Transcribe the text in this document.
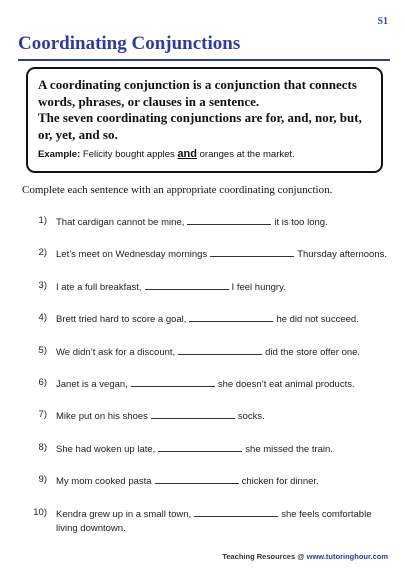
S1
Coordinating Conjunctions
A coordinating conjunction is a conjunction that connects words, phrases, or clauses in a sentence.
The seven coordinating conjunctions are for, and, nor, but, or, yet, and so.
Example: Felicity bought apples and oranges at the market.
Complete each sentence with an appropriate coordinating conjunction.
1) That cardigan cannot be mine,	it is too long.
2) Let’s meet on Wednesday mornings	Thursday afternoons.
3) I ate a full breakfast,	I feel hungry.
4) Brett tried hard to score a goal,	he did not succeed.
5) We didn’t ask for a discount,	did the store offer one.
6) Janet is a vegan,	she doesn’t eat animal products.
7) Mike put on his shoes	socks.
8) She had woken up late,	she missed the train.
9) My mom cooked pasta	chicken for dinner.
10) Kendra grew up in a small town,	she feels comfortable living downtown.
Teaching Resources @ www.tutoringhour.com
